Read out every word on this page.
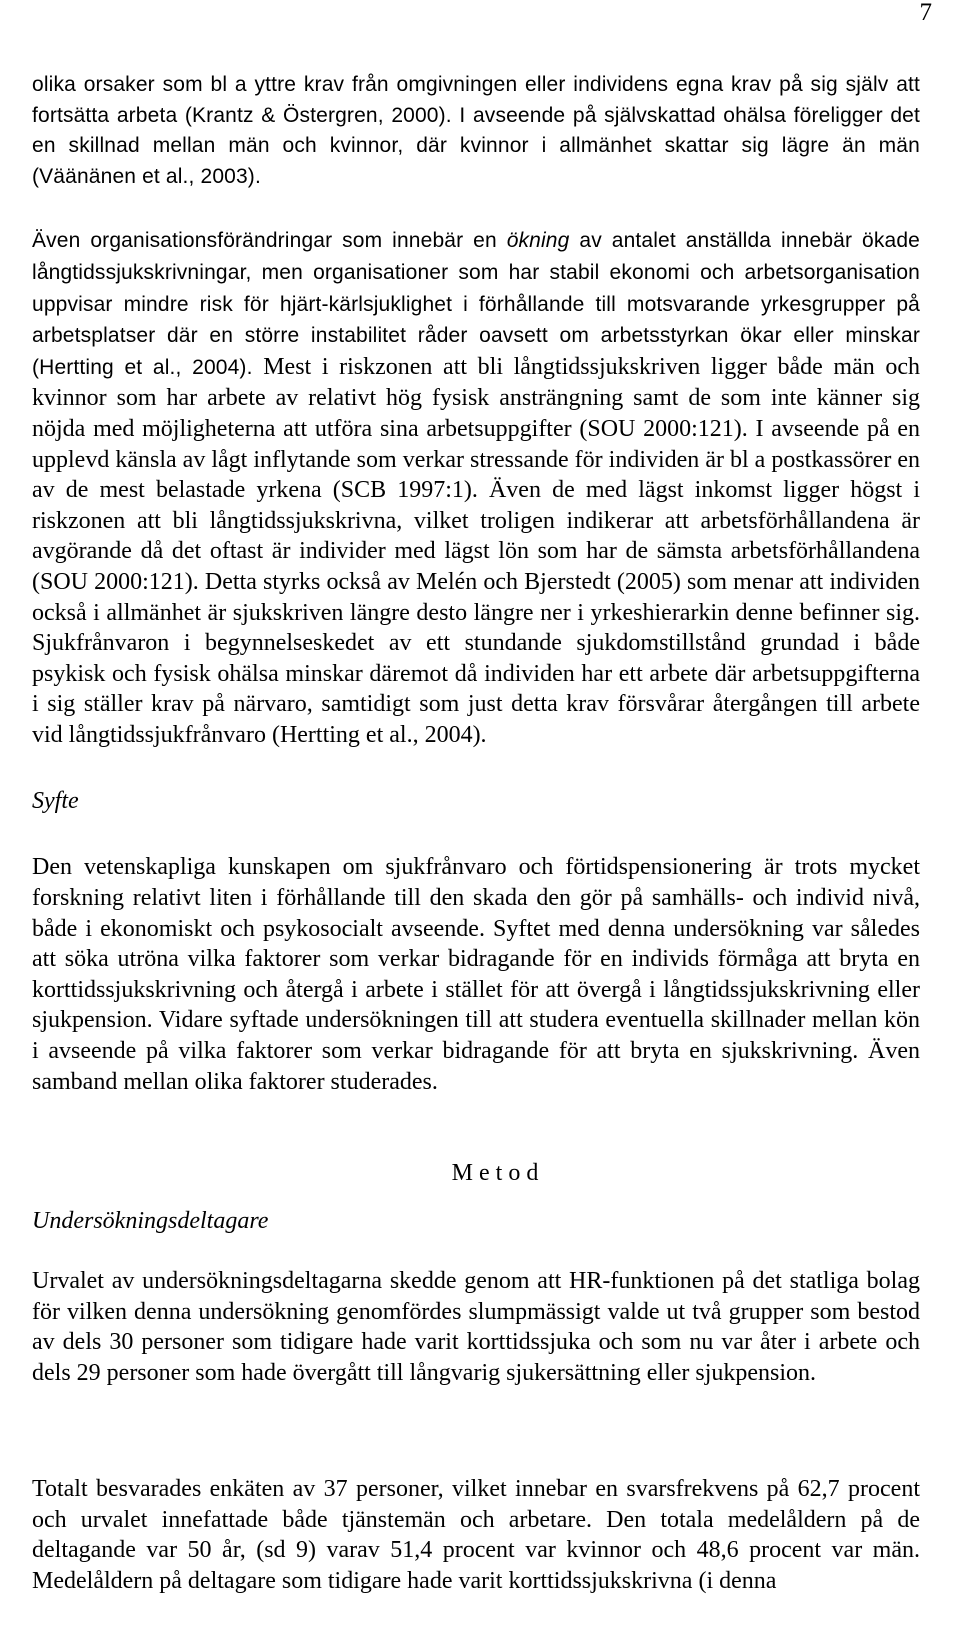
7

olika orsaker som bl a yttre krav från omgivningen eller individens egna krav på sig själv att fortsätta arbeta (Krantz & Östergren, 2000). I avseende på självskattad ohälsa föreligger det en skillnad mellan män och kvinnor, där kvinnor i allmänhet skattar sig lägre än män (Väänänen et al., 2003).

Även organisationsförändringar som innebär en ökning av antalet anställda innebär ökade långtidssjukskrivningar, men organisationer som har stabil ekonomi och arbetsorganisation uppvisar mindre risk för hjärt-kärlsjuklighet i förhållande till motsvarande yrkesgrupper på arbetsplatser där en större instabilitet råder oavsett om arbetsstyrkan ökar eller minskar (Hertting et al., 2004). Mest i riskzonen att bli långtidssjukskriven ligger både män och kvinnor som har arbete av relativt hög fysisk ansträngning samt de som inte känner sig nöjda med möjligheterna att utföra sina arbetsuppgifter (SOU 2000:121). I avseende på en upplevd känsla av lågt inflytande som verkar stressande för individen är bl a postkassörer en av de mest belastade yrkena (SCB 1997:1). Även de med lägst inkomst ligger högst i riskzonen att bli långtidssjukskrivna, vilket troligen indikerar att arbetsförhållandena är avgörande då det oftast är individer med lägst lön som har de sämsta arbetsförhållandena (SOU 2000:121). Detta styrks också av Melén och Bjerstedt (2005) som menar att individen också i allmänhet är sjukskriven längre desto längre ner i yrkeshierarkin denne befinner sig. Sjukfrånvaron i begynnelseskedet av ett stundande sjukdomstillstånd grundad i både psykisk och fysisk ohälsa minskar däremot då individen har ett arbete där arbetsuppgifterna i sig ställer krav på närvaro, samtidigt som just detta krav försvårar återgången till arbete vid långtidssjukfrånvaro (Hertting et al., 2004).

Syfte

Den vetenskapliga kunskapen om sjukfrånvaro och förtidspensionering är trots mycket forskning relativt liten i förhållande till den skada den gör på samhälls- och individ nivå, både i ekonomiskt och psykosocialt avseende. Syftet med denna undersökning var således att söka utröna vilka faktorer som verkar bidragande för en individs förmåga att bryta en korttidssjukskrivning och återgå i arbete i stället för att övergå i långtidssjukskrivning eller sjukpension. Vidare syftade undersökningen till att studera eventuella skillnader mellan kön i avseende på vilka faktorer som verkar bidragande för att bryta en sjukskrivning. Även samband mellan olika faktorer studerades.

Metod
Undersökningsdeltagare

Urvalet av undersökningsdeltagarna skedde genom att HR-funktionen på det statliga bolag för vilken denna undersökning genomfördes slumpmässigt valde ut två grupper som bestod av dels 30 personer som tidigare hade varit korttidssjuka och som nu var åter i arbete och dels 29 personer som hade övergått till långvarig sjukersättning eller sjukpension.

Totalt besvarades enkäten av 37 personer, vilket innebar en svarsfrekvens på 62,7 procent och urvalet innefattade både tjänstemän och arbetare. Den totala medelåldern på de deltagande var 50 år, (sd 9) varav 51,4 procent var kvinnor och 48,6 procent var män. Medelåldern på deltagare som tidigare hade varit korttidssjukskrivna (i denna
